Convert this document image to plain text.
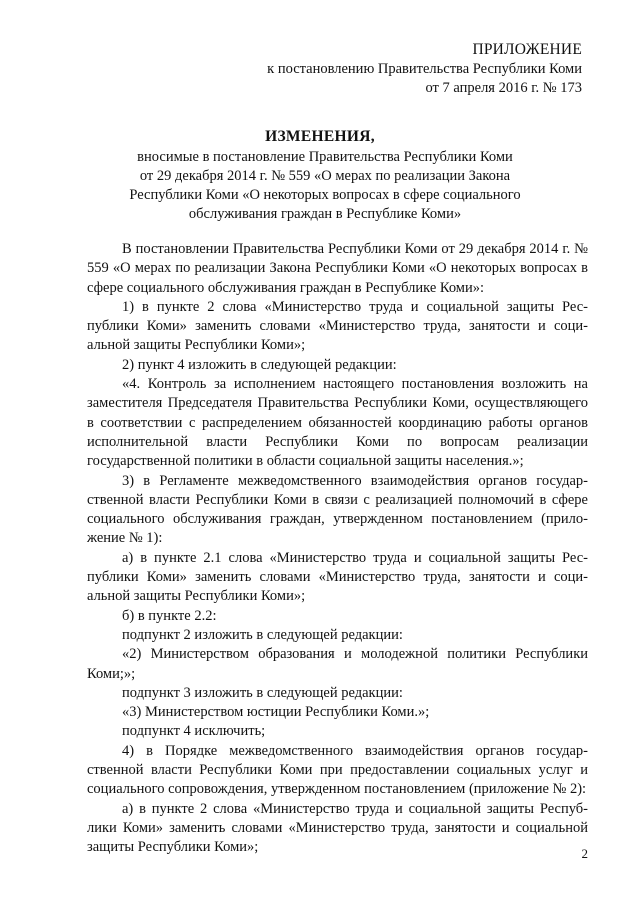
ПРИЛОЖЕНИЕ
к постановлению Правительства Республики Коми
от 7 апреля 2016 г. № 173
ИЗМЕНЕНИЯ,
вносимые в постановление Правительства Республики Коми
от 29 декабря 2014 г. № 559 «О мерах по реализации Закона
Республики Коми «О некоторых вопросах в сфере социального
обслуживания граждан в Республике Коми»

В постановлении Правительства Республики Коми от 29 декабря 2014 г. № 559 «О мерах по реализации Закона Республики Коми «О некоторых вопросах в сфере социального обслуживания граждан в Республике Коми»:

1) в пункте 2 слова «Министерство труда и социальной защиты Республики Коми» заменить словами «Министерство труда, занятости и социальной защиты Республики Коми»;

2) пункт 4 изложить в следующей редакции:

«4. Контроль за исполнением настоящего постановления возложить на заместителя Председателя Правительства Республики Коми, осуществляющего в соответствии с распределением обязанностей координацию работы органов исполнительной власти Республики Коми по вопросам реализации государственной политики в области социальной защиты населения.»;

3) в Регламенте межведомственного взаимодействия органов государственной власти Республики Коми в связи с реализацией полномочий в сфере социального обслуживания граждан, утвержденном постановлением (приложение № 1):

а) в пункте 2.1 слова «Министерство труда и социальной защиты Республики Коми» заменить словами «Министерство труда, занятости и социальной защиты Республики Коми»;

б) в пункте 2.2:

подпункт 2 изложить в следующей редакции:

«2) Министерством образования и молодежной политики Республики Коми;»;

подпункт 3 изложить в следующей редакции:

«3) Министерством юстиции Республики Коми.»;

подпункт 4 исключить;

4) в Порядке межведомственного взаимодействия органов государственной власти Республики Коми при предоставлении социальных услуг и социального сопровождения, утвержденном постановлением (приложение № 2):

а) в пункте 2 слова «Министерство труда и социальной защиты Республики Коми» заменить словами «Министерство труда, занятости и социальной защиты Республики Коми»;	2
